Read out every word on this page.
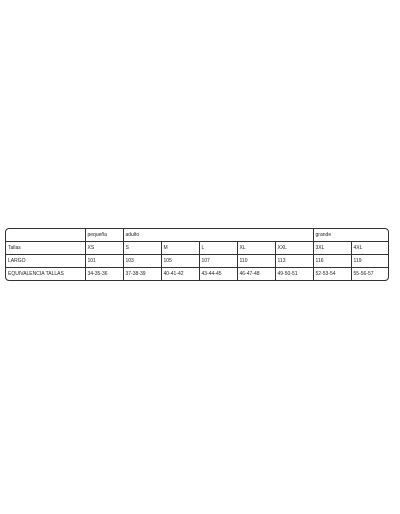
	pequeña	adulto					grande	
Tallas	XS	S	M	L	XL	XXL	3XL	4XL
LARGO	101	103	105	107	110	113	116	119
EQUIVALENCIA TALLAS	34-35-36	37-38-39	40-41-42	43-44-45	46-47-48	49-50-51	52-53-54	55-56-57
